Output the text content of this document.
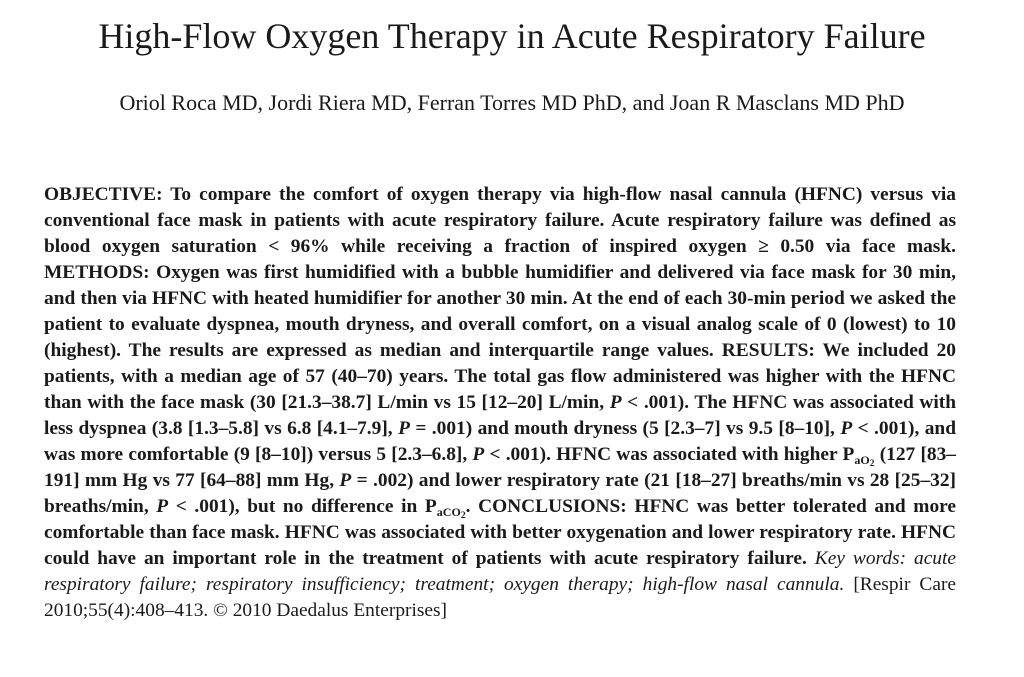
High-Flow Oxygen Therapy in Acute Respiratory Failure

Oriol Roca MD, Jordi Riera MD, Ferran Torres MD PhD, and Joan R Masclans MD PhD

OBJECTIVE: To compare the comfort of oxygen therapy via high-flow nasal cannula (HFNC) versus via conventional face mask in patients with acute respiratory failure. Acute respiratory failure was defined as blood oxygen saturation < 96% while receiving a fraction of inspired oxygen ≥ 0.50 via face mask. METHODS: Oxygen was first humidified with a bubble humidifier and delivered via face mask for 30 min, and then via HFNC with heated humidifier for another 30 min. At the end of each 30-min period we asked the patient to evaluate dyspnea, mouth dryness, and overall comfort, on a visual analog scale of 0 (lowest) to 10 (highest). The results are expressed as median and interquartile range values. RESULTS: We included 20 patients, with a median age of 57 (40–70) years. The total gas flow administered was higher with the HFNC than with the face mask (30 [21.3–38.7] L/min vs 15 [12–20] L/min, P < .001). The HFNC was associated with less dyspnea (3.8 [1.3–5.8] vs 6.8 [4.1–7.9], P = .001) and mouth dryness (5 [2.3–7] vs 9.5 [8–10], P < .001), and was more comfortable (9 [8–10]) versus 5 [2.3–6.8], P < .001). HFNC was associated with higher $P_{aO_2}$ (127 [83–191] mm Hg vs 77 [64–88] mm Hg, P = .002) and lower respiratory rate (21 [18–27] breaths/min vs 28 [25–32] breaths/min, P < .001), but no difference in $P_{aCO_2}$. CONCLUSIONS: HFNC was better tolerated and more comfortable than face mask. HFNC was associated with better oxygenation and lower respiratory rate. HFNC could have an important role in the treatment of patients with acute respiratory failure. Key words: acute respiratory failure; respiratory insufficiency; treatment; oxygen therapy; high-flow nasal cannula. [Respir Care 2010;55(4):408–413. © 2010 Daedalus Enterprises]
